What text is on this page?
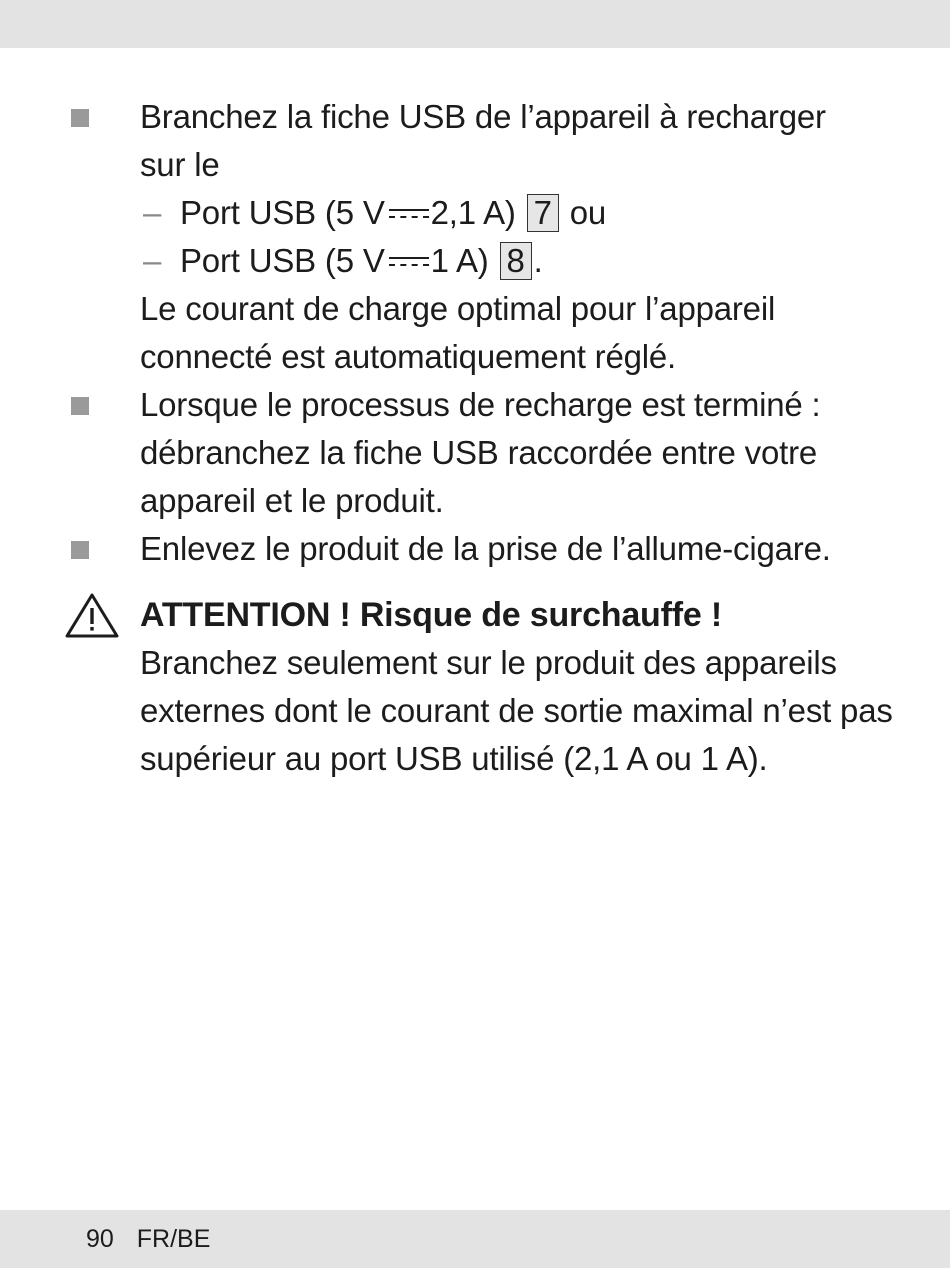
Branchez la fiche USB de l’appareil à recharger
sur le
– Port USB (5 V 2,1 A) 7 ou
– Port USB (5 V 1 A) 8 .
Le courant de charge optimal pour l’appareil connecté est automatiquement réglé.
Lorsque le processus de recharge est terminé : débranchez la fiche USB raccordée entre votre appareil et le produit.
Enlevez le produit de la prise de l’allume-cigare.
ATTENTION ! Risque de surchauffe !
Branchez seulement sur le produit des appareils externes dont le courant de sortie maximal n’est pas supérieur au port USB utilisé (2,1 A ou 1 A).
90 FR/BE
